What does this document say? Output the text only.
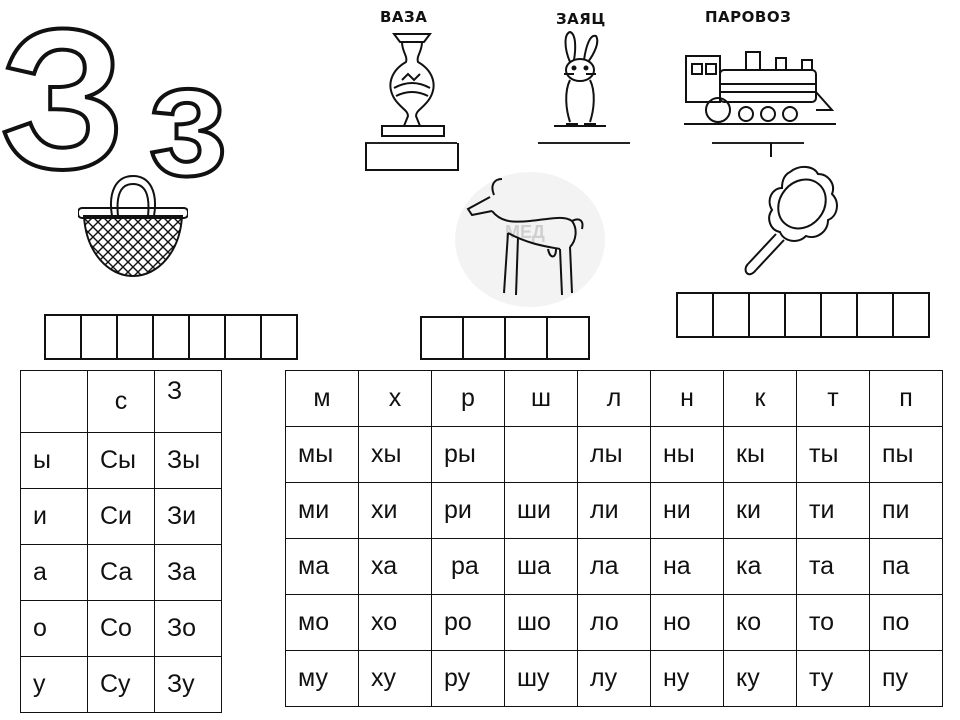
З з
ВАЗА	ЗАЯЦ	ПАРОВОЗ
МЕД
	с	З	
ы	Сы	Зы	
и	Си	Зи	
а	Са	За	
о	Со	Зо	
у	Су	Зу	
м	х	р	ш	л	н	к	т	п
мы	хы	ры		лы	ны	кы	ты	пы
ми	хи	ри	ши	ли	ни	ки	ти	пи
ма	ха	ра	ша	ла	на	ка	та	па
мо	хо	ро	шо	ло	но	ко	то	по
му	ху	ру	шу	лу	ну	ку	ту	пу
